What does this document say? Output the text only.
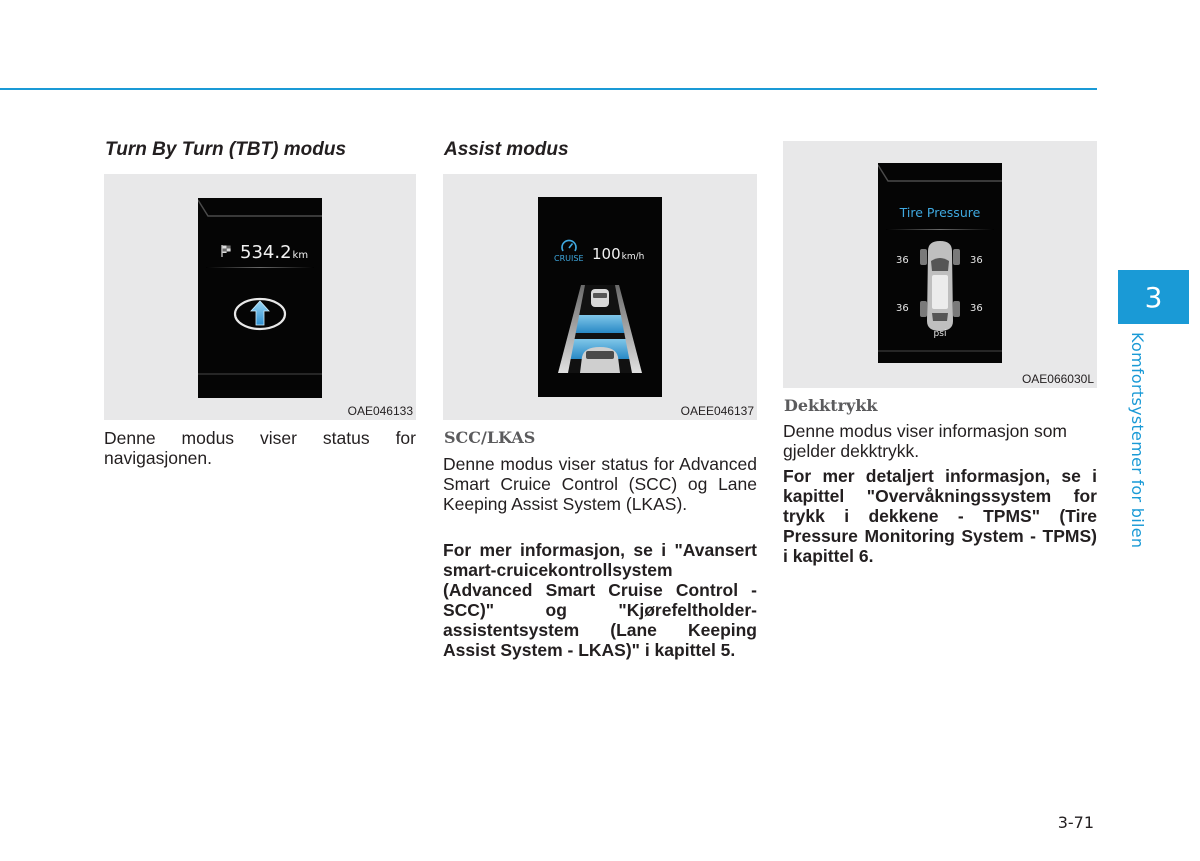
Turn By Turn (TBT) modus
534.2km
OAE046133

Denne modus viser status for navigasjonen.

Assist modus
CRUISE 100km/h
OAEE046137
SCC/LKAS

Denne modus viser status for Advanced Smart Cruice Control (SCC) og Lane Keeping Assist System (LKAS).

For mer informasjon, se i "Avansert smart-cruicekontrollsystem (Advanced Smart Cruise Control - SCC)" og "Kjørefeltholder-assistentsystem (Lane Keeping Assist System - LKAS)" i kapittel 5.

Tire Pressure
36	36
36	36
psi
OAE066030L
Dekktrykk

Denne modus viser informasjon som gjelder dekktrykk.

For mer detaljert informasjon, se i kapittel "Overvåkningssystem for trykk i dekkene - TPMS" (Tire Pressure Monitoring System - TPMS) i kapittel 6.

3
Komfortsystemer for bilen
3-71
